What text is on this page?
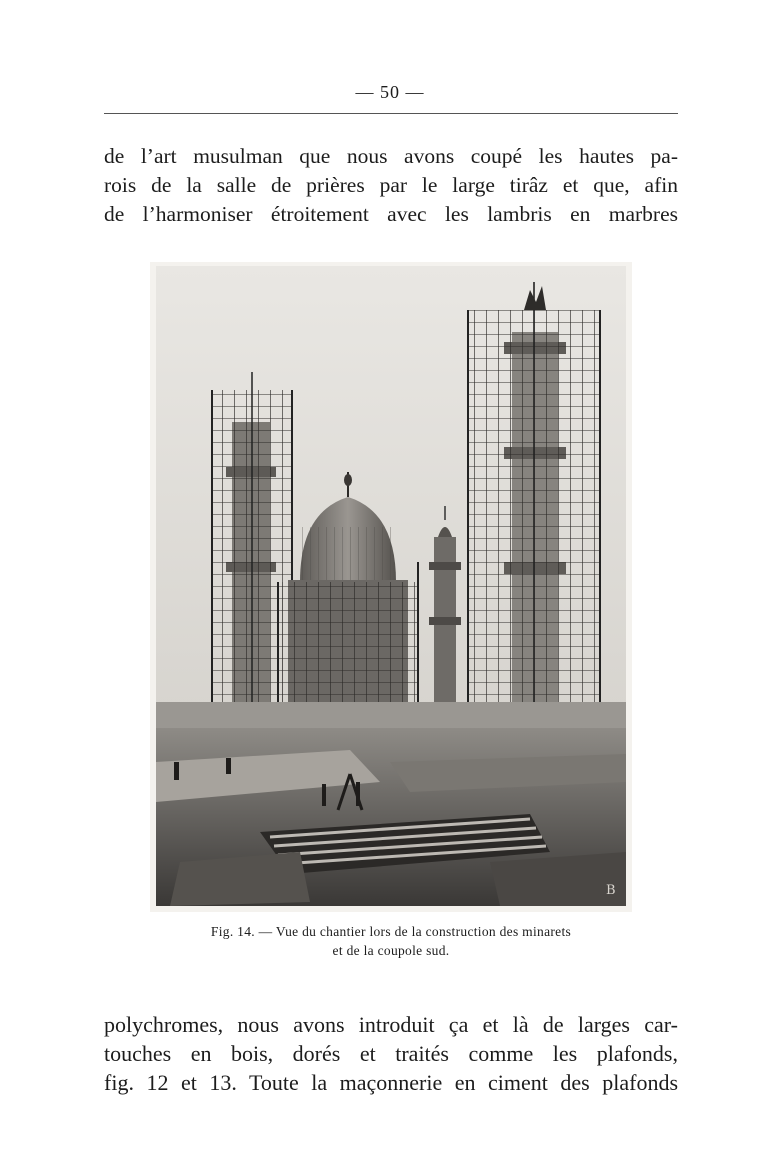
— 50 —

de l’art musulman que nous avons coupé les hautes pa-
rois de la salle de prières par le large tirâz et que, afin
de l’harmoniser étroitement avec les lambris en marbres

B
Fig. 14. — Vue du chantier lors de la construction des minarets
et de la coupole sud.

polychromes, nous avons introduit ça et là de larges car-
touches en bois, dorés et traités comme les plafonds,
fig. 12 et 13. Toute la maçonnerie en ciment des plafonds
